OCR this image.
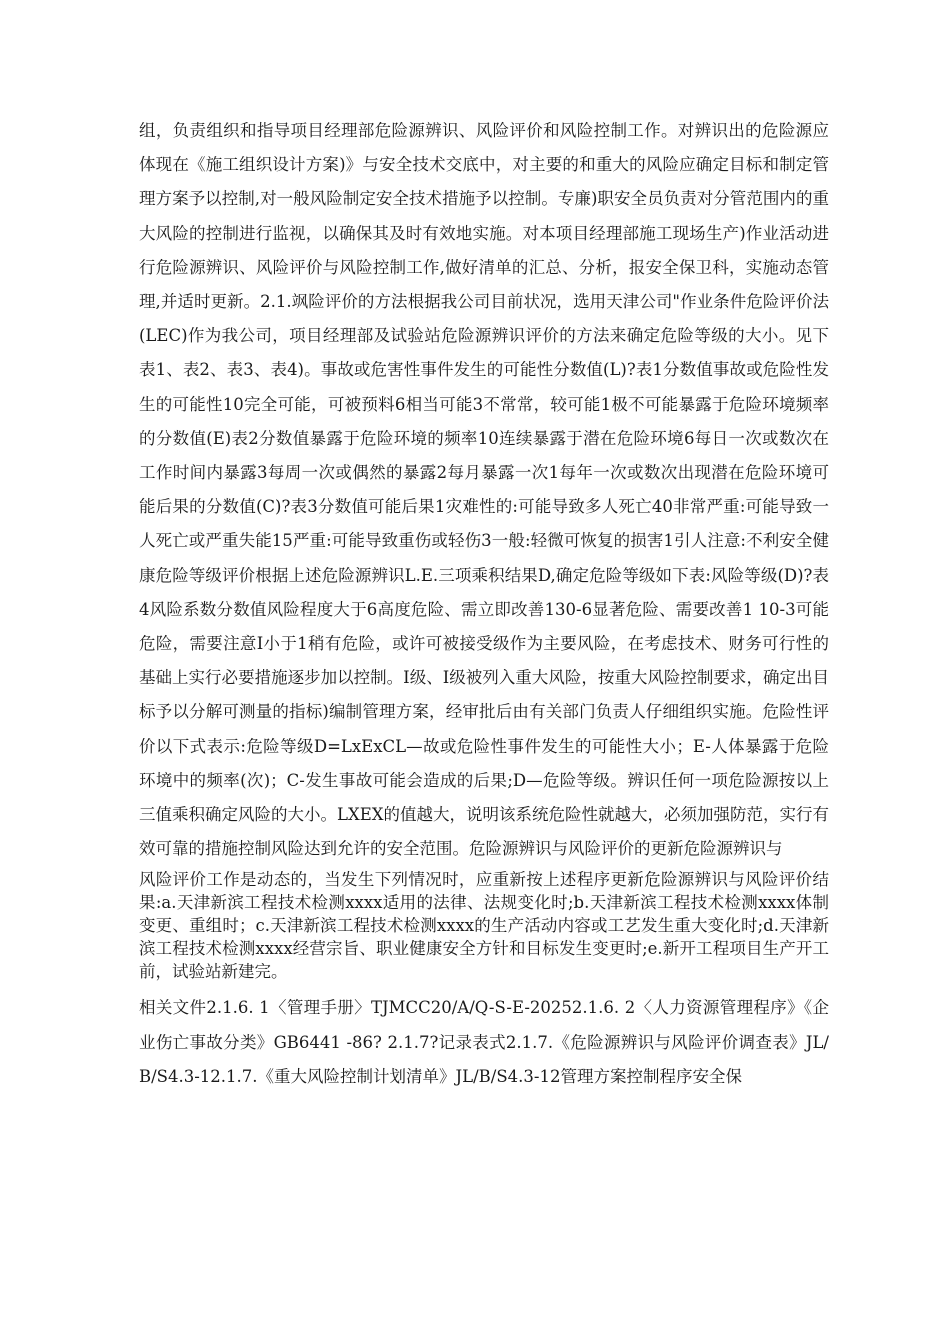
组，负责组织和指导项目经理部危险源辨识、风险评价和风险控制工作。对辨识出的危险源应体现在《施工组织设计方案)》与安全技术交底中，对主要的和重大的风险应确定目标和制定管理方案予以控制,对一般风险制定安全技术措施予以控制。专廉)职安全员负责对分管范围内的重大风险的控制进行监视，以确保其及时有效地实施。对本项目经理部施工现场生产)作业活动进行危险源辨识、风险评价与风险控制工作,做好清单的汇总、分析，报安全保卫科，实施动态管理,并适时更新。2.1.飒险评价的方法根据我公司目前状况，选用天津公司"作业条件危险评价法(LEC)作为我公司，项目经理部及试验站危险源辨识评价的方法来确定危险等级的大小。见下表1、表2、表3、表4)。事故或危害性事件发生的可能性分数值(L)?表1分数值事故或危险性发生的可能性10完全可能，可被预料6相当可能3不常常，较可能1极不可能暴露于危险环境频率的分数值(E)表2分数值暴露于危险环境的频率10连续暴露于潜在危险环境6每日一次或数次在工作时间内暴露3每周一次或偶然的暴露2每月暴露一次1每年一次或数次出现潜在危险环境可能后果的分数值(C)?表3分数值可能后果1灾难性的:可能导致多人死亡40非常严重:可能导致一人死亡或严重失能15严重:可能导致重伤或轻伤3一般:轻微可恢复的损害1引人注意:不利安全健康危险等级评价根据上述危险源辨识L.E.三项乘积结果D,确定危险等级如下表:风险等级(D)?表4风险系数分数值风险程度大于6高度危险、需立即改善130-6显著危险、需要改善1 10-3可能危险，需要注意I小于1稍有危险，或许可被接受级作为主要风险，在考虑技术、财务可行性的基础上实行必要措施逐步加以控制。I级、I级被列入重大风险，按重大风险控制要求，确定出目标予以分解可测量的指标)编制管理方案，经审批后由有关部门负责人仔细组织实施。危险性评价以下式表示:危险等级D=LxExCL—故或危险性事件发生的可能性大小；E-人体暴露于危险环境中的频率(次)；C-发生事故可能会造成的后果;D—危险等级。辨识任何一项危险源按以上三值乘积确定风险的大小。LXEX的值越大，说明该系统危险性就越大，必须加强防范，实行有效可靠的措施控制风险达到允许的安全范围。危险源辨识与风险评价的更新危险源辨识与

风险评价工作是动态的，当发生下列情况时，应重新按上述程序更新危险源辨识与风险评价结果:a.天津新滨工程技术检测xxxx适用的法律、法规变化时;b.天津新滨工程技术检测xxxx体制变更、重组时；c.天津新滨工程技术检测xxxx的生产活动内容或工艺发生重大变化时;d.天津新滨工程技术检测xxxx经营宗旨、职业健康安全方针和目标发生变更时;e.新开工程项目生产开工前，试验站新建完。

相关文件2.1.6. 1〈管理手册〉TJMCC20/A/Q-S-E-20252.1.6. 2〈人力资源管理程序》《企业伤亡事故分类》GB6441 -86? 2.1.7?记录表式2.1.7.《危险源辨识与风险评价调查表》JL/B/S4.3-12.1.7.《重大风险控制计划清单》JL/B/S4.3-12管理方案控制程序安全保
